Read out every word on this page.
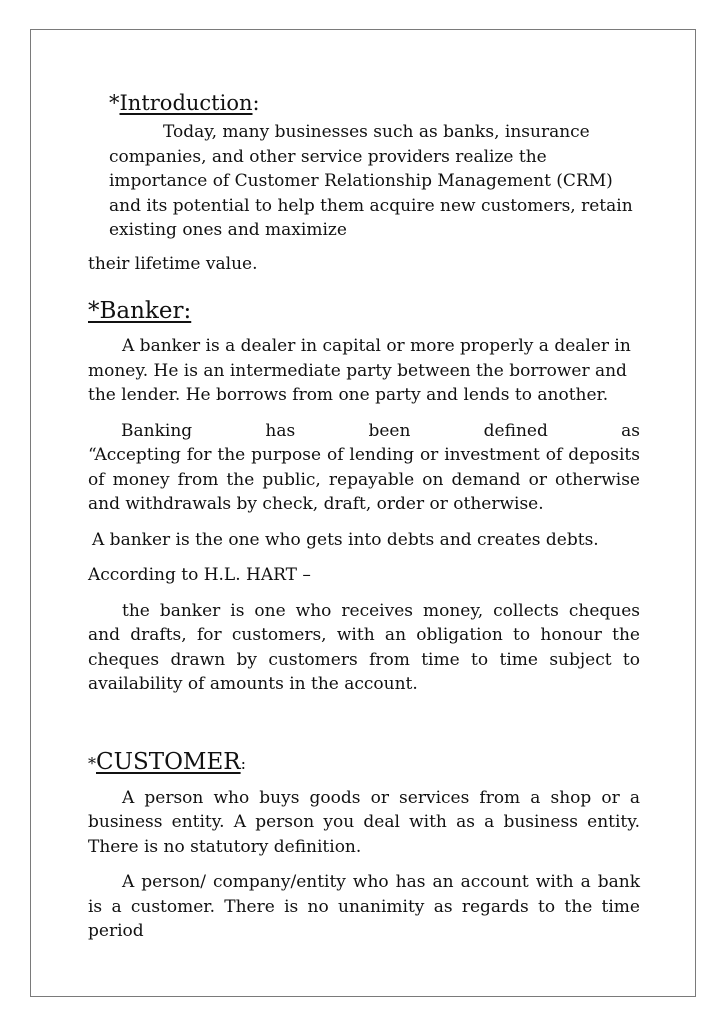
*Introduction:

Today, many businesses such as banks, insurance companies, and other service providers realize the importance of Customer Relationship Management (CRM) and its potential to help them acquire new customers, retain existing ones and maximize

their lifetime value.

*Banker:

A banker is a dealer in capital or more properly a dealer in money. He is an intermediate party between the borrower and the lender. He borrows from one party and lends to another.

Banking	has	been	defined	as

“Accepting for the purpose of lending or investment of deposits of money from the public, repayable on demand or otherwise and withdrawals by check, draft, order or otherwise.

A banker is the one who gets into debts and creates debts.

According to H.L. HART –

the banker is one who receives money, collects cheques and drafts, for customers, with an obligation to honour the cheques drawn by customers from time to time subject to availability of amounts in the account.

*CUSTOMER:

A person who buys goods or services from a shop or a business entity. A person you deal with as a business entity. There is no statutory definition.

A person/ company/entity who has an account with a bank is a customer. There is no unanimity as regards to the time period
